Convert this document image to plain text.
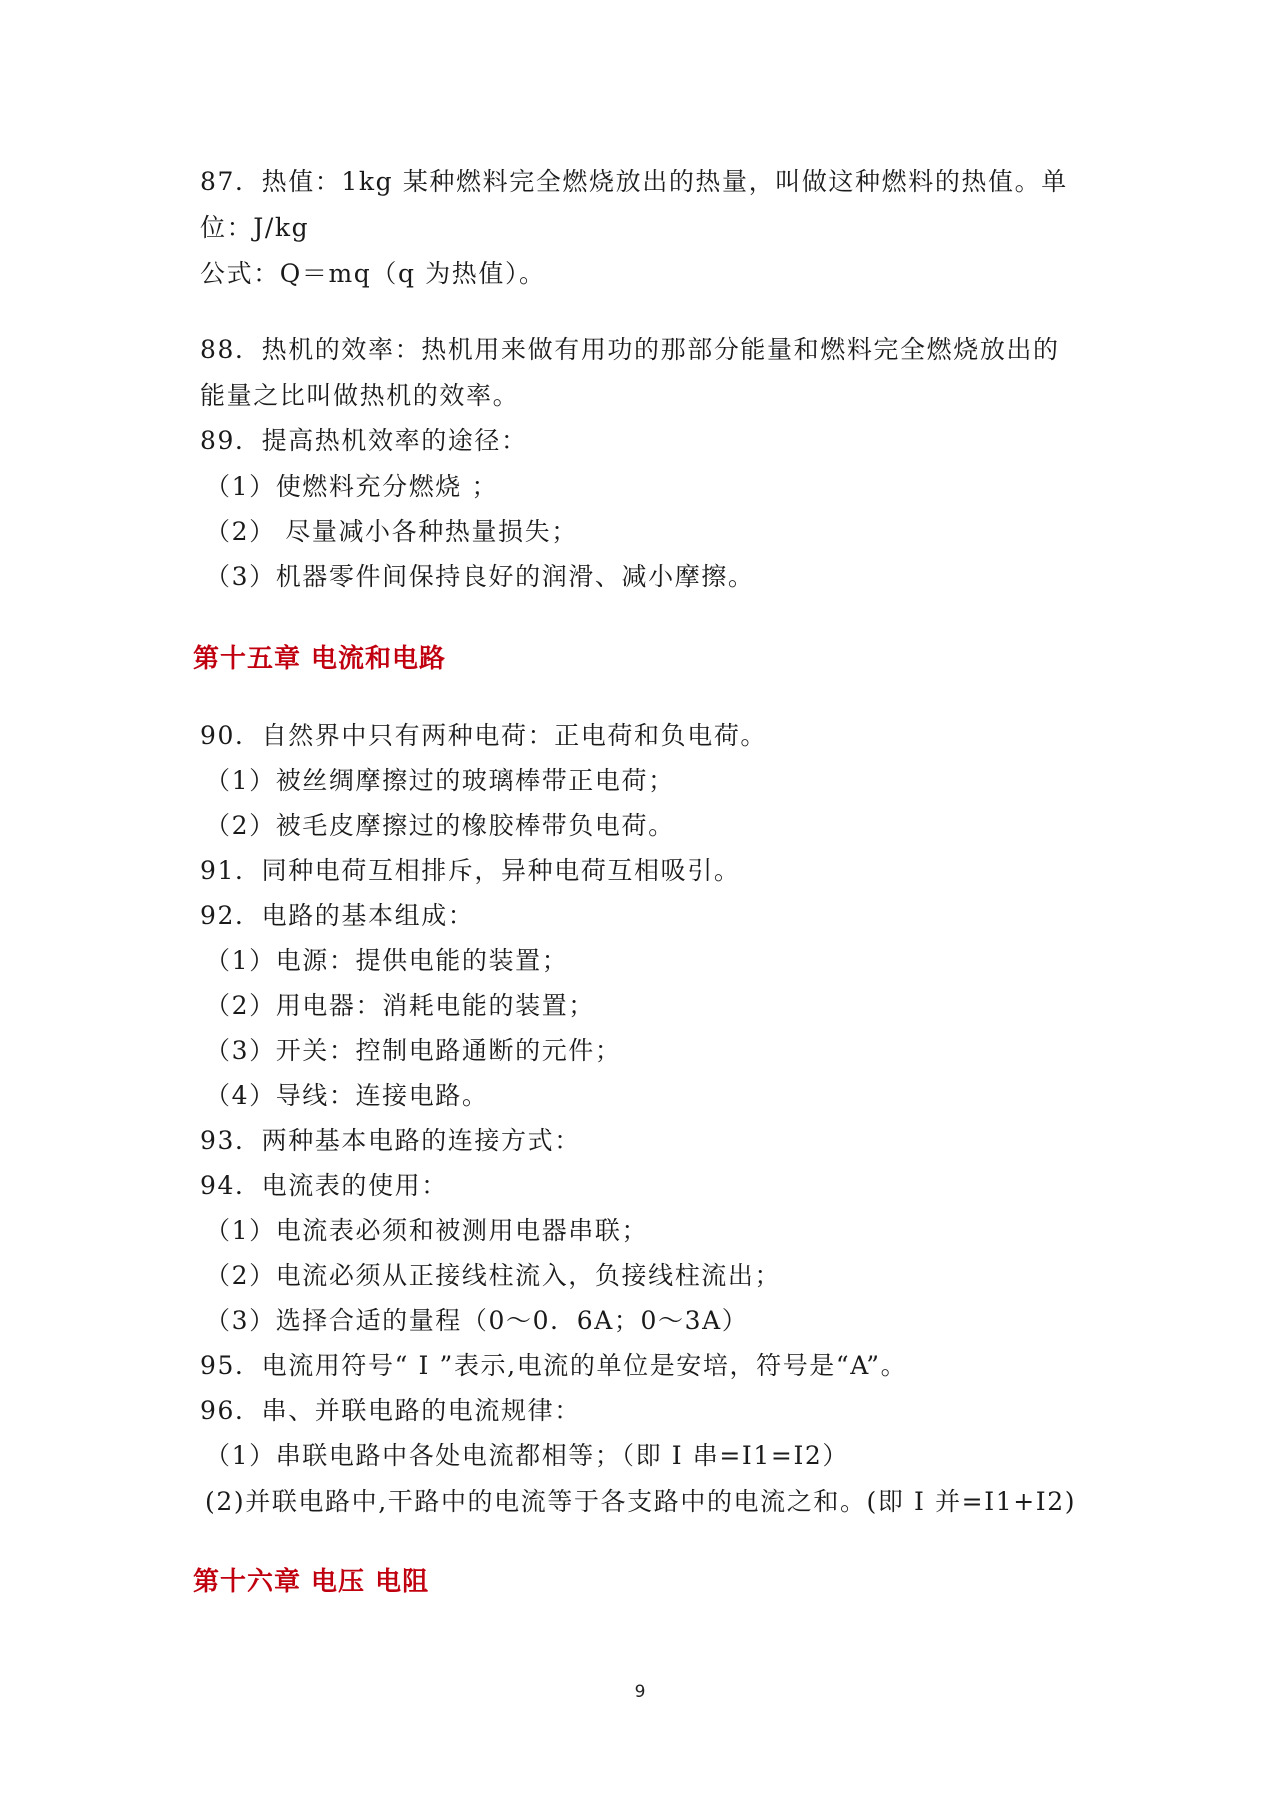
87．热值：1kg 某种燃料完全燃烧放出的热量，叫做这种燃料的热值。单
位：J/kg
公式：Q＝mq（q 为热值）。
88．热机的效率：热机用来做有用功的那部分能量和燃料完全燃烧放出的
能量之比叫做热机的效率。
89．提高热机效率的途径：
（1）使燃料充分燃烧 ；
（2） 尽量减小各种热量损失；
（3）机器零件间保持良好的润滑、减小摩擦。
第十五章 电流和电路
90．自然界中只有两种电荷：正电荷和负电荷。
（1）被丝绸摩擦过的玻璃棒带正电荷；
（2）被毛皮摩擦过的橡胶棒带负电荷。
91．同种电荷互相排斥，异种电荷互相吸引。
92．电路的基本组成：
（1）电源：提供电能的装置；
（2）用电器：消耗电能的装置；
（3）开关：控制电路通断的元件；
（4）导线：连接电路。
93．两种基本电路的连接方式：
94．电流表的使用：
（1）电流表必须和被测用电器串联；
（2）电流必须从正接线柱流入，负接线柱流出；
（3）选择合适的量程（0～0．6A；0～3A）
95．电流用符号“ I ”表示,电流的单位是安培，符号是“A”。
96．串、并联电路的电流规律：
（1）串联电路中各处电流都相等；（即 I 串=I1=I2）
(2)并联电路中,干路中的电流等于各支路中的电流之和。(即 I 并=I1+I2)
第十六章 电压 电阻
9
